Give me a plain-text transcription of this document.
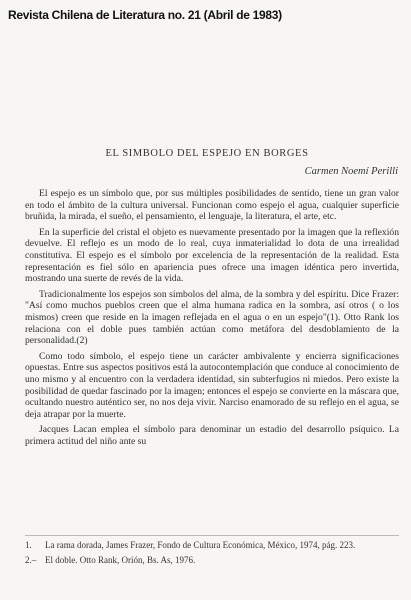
Revista Chilena de Literatura no. 21 (Abril de 1983)
EL SIMBOLO DEL ESPEJO EN BORGES
Carmen Noemí Perilli

El espejo es un símbolo que, por sus múltiples posibilidades de sentido, tiene un gran valor en todo el ámbito de la cultura universal. Funcionan como espejo el agua, cualquier superficie bruñida, la mirada, el sueño, el pensamiento, el lenguaje, la literatura, el arte, etc.

En la superficie del cristal el objeto es nuevamente presentado por la imagen que la reflexión devuelve. El reflejo es un modo de lo real, cuya inmaterialidad lo dota de una irrealidad constitutiva. El espejo es el símbolo por excelencia de la representación de la realidad. Esta representación es fiel sólo en apariencia pues ofrece una imagen idéntica pero invertida, mostrando una suerte de revés de la vida.

Tradicionalmente los espejos son símbolos del alma, de la sombra y del espíritu. Dice Frazer: "Así como muchos pueblos creen que el alma humana radica en la sombra, así otros ( o los mismos) creen que reside en la imagen reflejada en el agua o en un espejo"(1). Otto Rank los relaciona con el doble pues también actúan como metáfora del desdoblamiento de la personalidad.(2)

Como todo símbolo, el espejo tiene un carácter ambivalente y encierra significaciones opuestas. Entre sus aspectos positivos está la autocontemplación que conduce al conocimiento de uno mismo y al encuentro con la verdadera identidad, sin subterfugios ni miedos. Pero existe la posibilidad de quedar fascinado por la imagen; entonces el espejo se convierte en la máscara que, ocultando nuestro auténtico ser, no nos deja vivir. Narciso enamorado de su reflejo en el agua, se deja atrapar por la muerte.

Jacques Lacan emplea el símbolo para denominar un estadio del desarrollo psíquico. La primera actitud del niño ante su

1.	La rama dorada, James Frazer, Fondo de Cultura Económica, México, 1974, pág. 223.
2.– El doble. Otto Rank, Orión, Bs. As, 1976.
